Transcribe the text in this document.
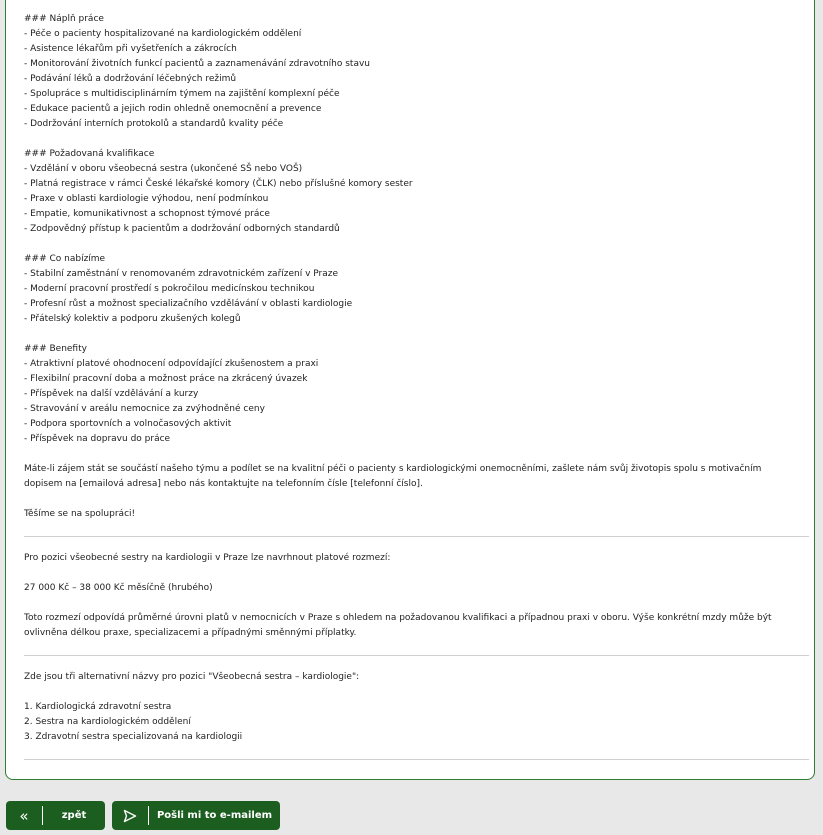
### Náplň práce

- Péče o pacienty hospitalizované na kardiologickém oddělení

- Asistence lékařům při vyšetřeních a zákrocích

- Monitorování životních funkcí pacientů a zaznamenávání zdravotního stavu

- Podávání léků a dodržování léčebných režimů

- Spolupráce s multidisciplinárním týmem na zajištění komplexní péče

- Edukace pacientů a jejich rodin ohledně onemocnění a prevence

- Dodržování interních protokolů a standardů kvality péče

### Požadovaná kvalifikace

- Vzdělání v oboru všeobecná sestra (ukončené SŠ nebo VOŠ)

- Platná registrace v rámci České lékařské komory (ČLK) nebo příslušné komory sester

- Praxe v oblasti kardiologie výhodou, není podmínkou

- Empatie, komunikativnost a schopnost týmové práce

- Zodpovědný přístup k pacientům a dodržování odborných standardů

### Co nabízíme

- Stabilní zaměstnání v renomovaném zdravotnickém zařízení v Praze

- Moderní pracovní prostředí s pokročilou medicínskou technikou

- Profesní růst a možnost specializačního vzdělávání v oblasti kardiologie

- Přátelský kolektiv a podporu zkušených kolegů

### Benefity

- Atraktivní platové ohodnocení odpovídající zkušenostem a praxi

- Flexibilní pracovní doba a možnost práce na zkrácený úvazek

- Příspěvek na další vzdělávání a kurzy

- Stravování v areálu nemocnice za zvýhodněné ceny

- Podpora sportovních a volnočasových aktivit

- Příspěvek na dopravu do práce

Máte-li zájem stát se součástí našeho týmu a podílet se na kvalitní péči o pacienty s kardiologickými onemocněními, zašlete nám svůj životopis spolu s motivačním dopisem na [emailová adresa] nebo nás kontaktujte na telefonním čísle [telefonní číslo].

Těšíme se na spolupráci!

Pro pozici všeobecné sestry na kardiologii v Praze lze navrhnout platové rozmezí:

27 000 Kč – 38 000 Kč měsíčně (hrubého)

Toto rozmezí odpovídá průměrné úrovni platů v nemocnicích v Praze s ohledem na požadovanou kvalifikaci a případnou praxi v oboru. Výše konkrétní mzdy může být ovlivněna délkou praxe, specializacemi a případnými směnnými příplatky.

Zde jsou tři alternativní názvy pro pozici "Všeobecná sestra – kardiologie":

1. Kardiologická zdravotní sestra

2. Sestra na kardiologickém oddělení

3. Zdravotní sestra specializovaná na kardiologii

«	zpět	Pošli mi to e-mailem
